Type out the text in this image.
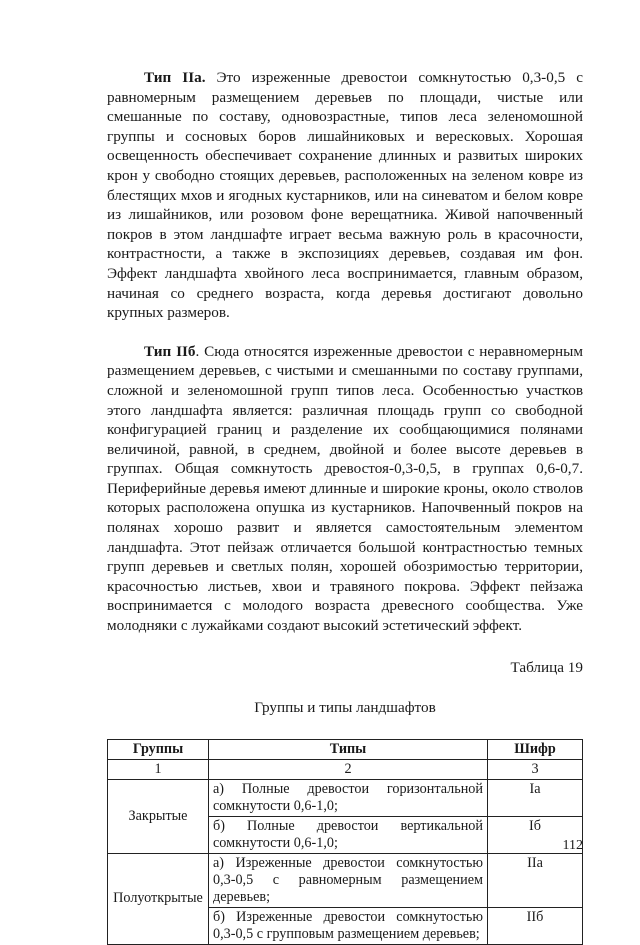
Тип IIа. Это изреженные древостои сомкнутостью 0,3-0,5 с равномерным размещением деревьев по площади, чистые или смешанные по составу, одновозрастные, типов леса зеленомошной группы и сосновых боров лишайниковых и вересковых. Хорошая освещенность обеспечивает сохранение длинных и развитых широких крон у свободно стоящих деревьев, расположенных на зеленом ковре из блестящих мхов и ягодных кустарников, или на синеватом и белом ковре из лишайников, или розовом фоне верещатника. Живой напочвенный покров в этом ландшафте играет весьма важную роль в красочности, контрастности, а также в экспозициях деревьев, создавая им фон. Эффект ландшафта хвойного леса воспринимается, главным образом, начиная со среднего возраста, когда деревья достигают довольно крупных размеров.

Тип IIб. Сюда относятся изреженные древостои с неравномерным размещением деревьев, с чистыми и смешанными по составу группами, сложной и зеленомошной групп типов леса. Особенностью участков этого ландшафта является: различная площадь групп со свободной конфигурацией границ и разделение их сообщающимися полянами величиной, равной, в среднем, двойной и более высоте деревьев в группах. Общая сомкнутость древостоя-0,3-0,5, в группах 0,6-0,7. Периферийные деревья имеют длинные и широкие кроны, около стволов которых расположена опушка из кустарников. Напочвенный покров на полянах хорошо развит и является самостоятельным элементом ландшафта. Этот пейзаж отличается большой контрастностью темных групп деревьев и светлых полян, хорошей обозримостью территории, красочностью листьев, хвои и травяного покрова. Эффект пейзажа воспринимается с молодого возраста древесного сообщества. Уже молодняки с лужайками создают высокий эстетический эффект.

Таблица 19
Группы и типы ландшафтов
Группы	Типы	Шифр
1	2	3
Закрытые	а) Полные древостои горизонтальной сомкнутости 0,6-1,0;	Iа
	б) Полные древостои вертикальной сомкнутости 0,6-1,0;	Iб
Полуоткрытые	а) Изреженные древостои сомкнутостью 0,3-0,5 с равномерным размещением деревьев;	IIа
	б) Изреженные древостои сомкнутостью 0,3-0,5 с групповым размещением деревьев;	IIб
112
